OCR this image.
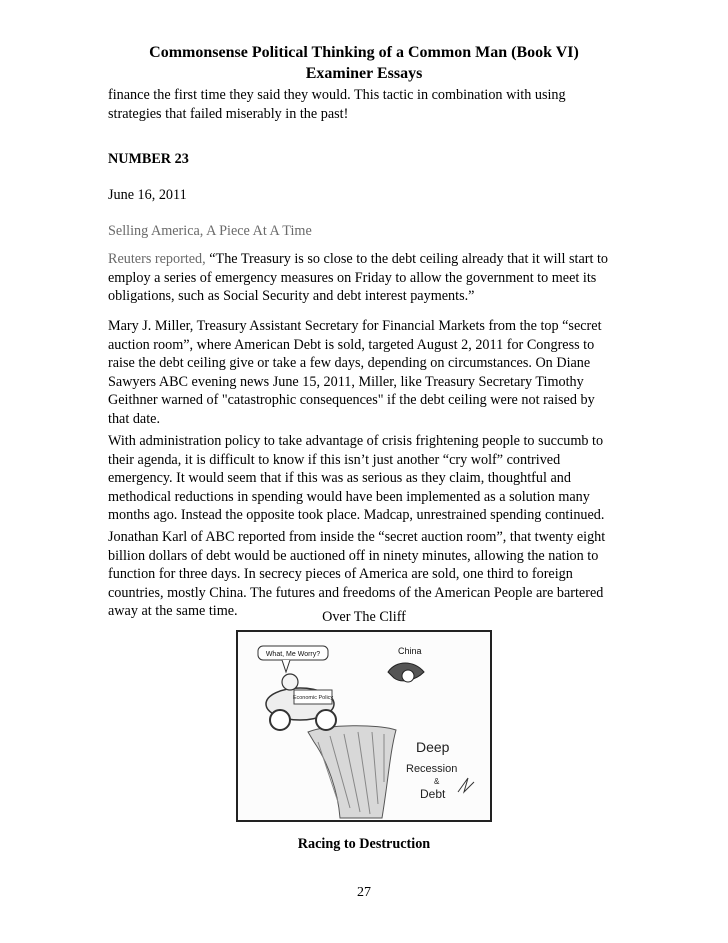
Commonsense Political Thinking of a Common Man (Book VI)
Examiner Essays
finance the first time they said they would. This tactic in combination with using
strategies that failed miserably in the past!
NUMBER 23
June 16, 2011
Selling America, A Piece At A Time
Reuters reported, “The Treasury is so close to the debt ceiling already that it will start to
employ a series of emergency measures on Friday to allow the government to meet its
obligations, such as Social Security and debt interest payments.”
Mary J. Miller, Treasury Assistant Secretary for Financial Markets from the top “secret
auction room”, where American Debt is sold, targeted August 2, 2011 for Congress to
raise the debt ceiling give or take a few days, depending on circumstances. On Diane
Sawyers ABC evening news June 15, 2011, Miller, like Treasury Secretary Timothy
Geithner warned of "catastrophic consequences" if the debt ceiling were not raised by
that date.
With administration policy to take advantage of crisis frightening people to succumb to
their agenda, it is difficult to know if this isn’t just another “cry wolf” contrived
emergency. It would seem that if this was as serious as they claim, thoughtful and
methodical reductions in spending would have been implemented as a solution many
months ago. Instead the opposite took place. Madcap, unrestrained spending continued.
Jonathan Karl of ABC reported from inside the “secret auction room”, that twenty eight
billion dollars of debt would be auctioned off in ninety minutes, allowing the nation to
function for three days. In secrecy pieces of America are sold, one third to foreign
countries, mostly China. The futures and freedoms of the American People are bartered
away at the same time.	Over The Cliff
Economic Policy
What, Me Worry?	China
Deep
Recession
&
Debt
Racing to Destruction
27
